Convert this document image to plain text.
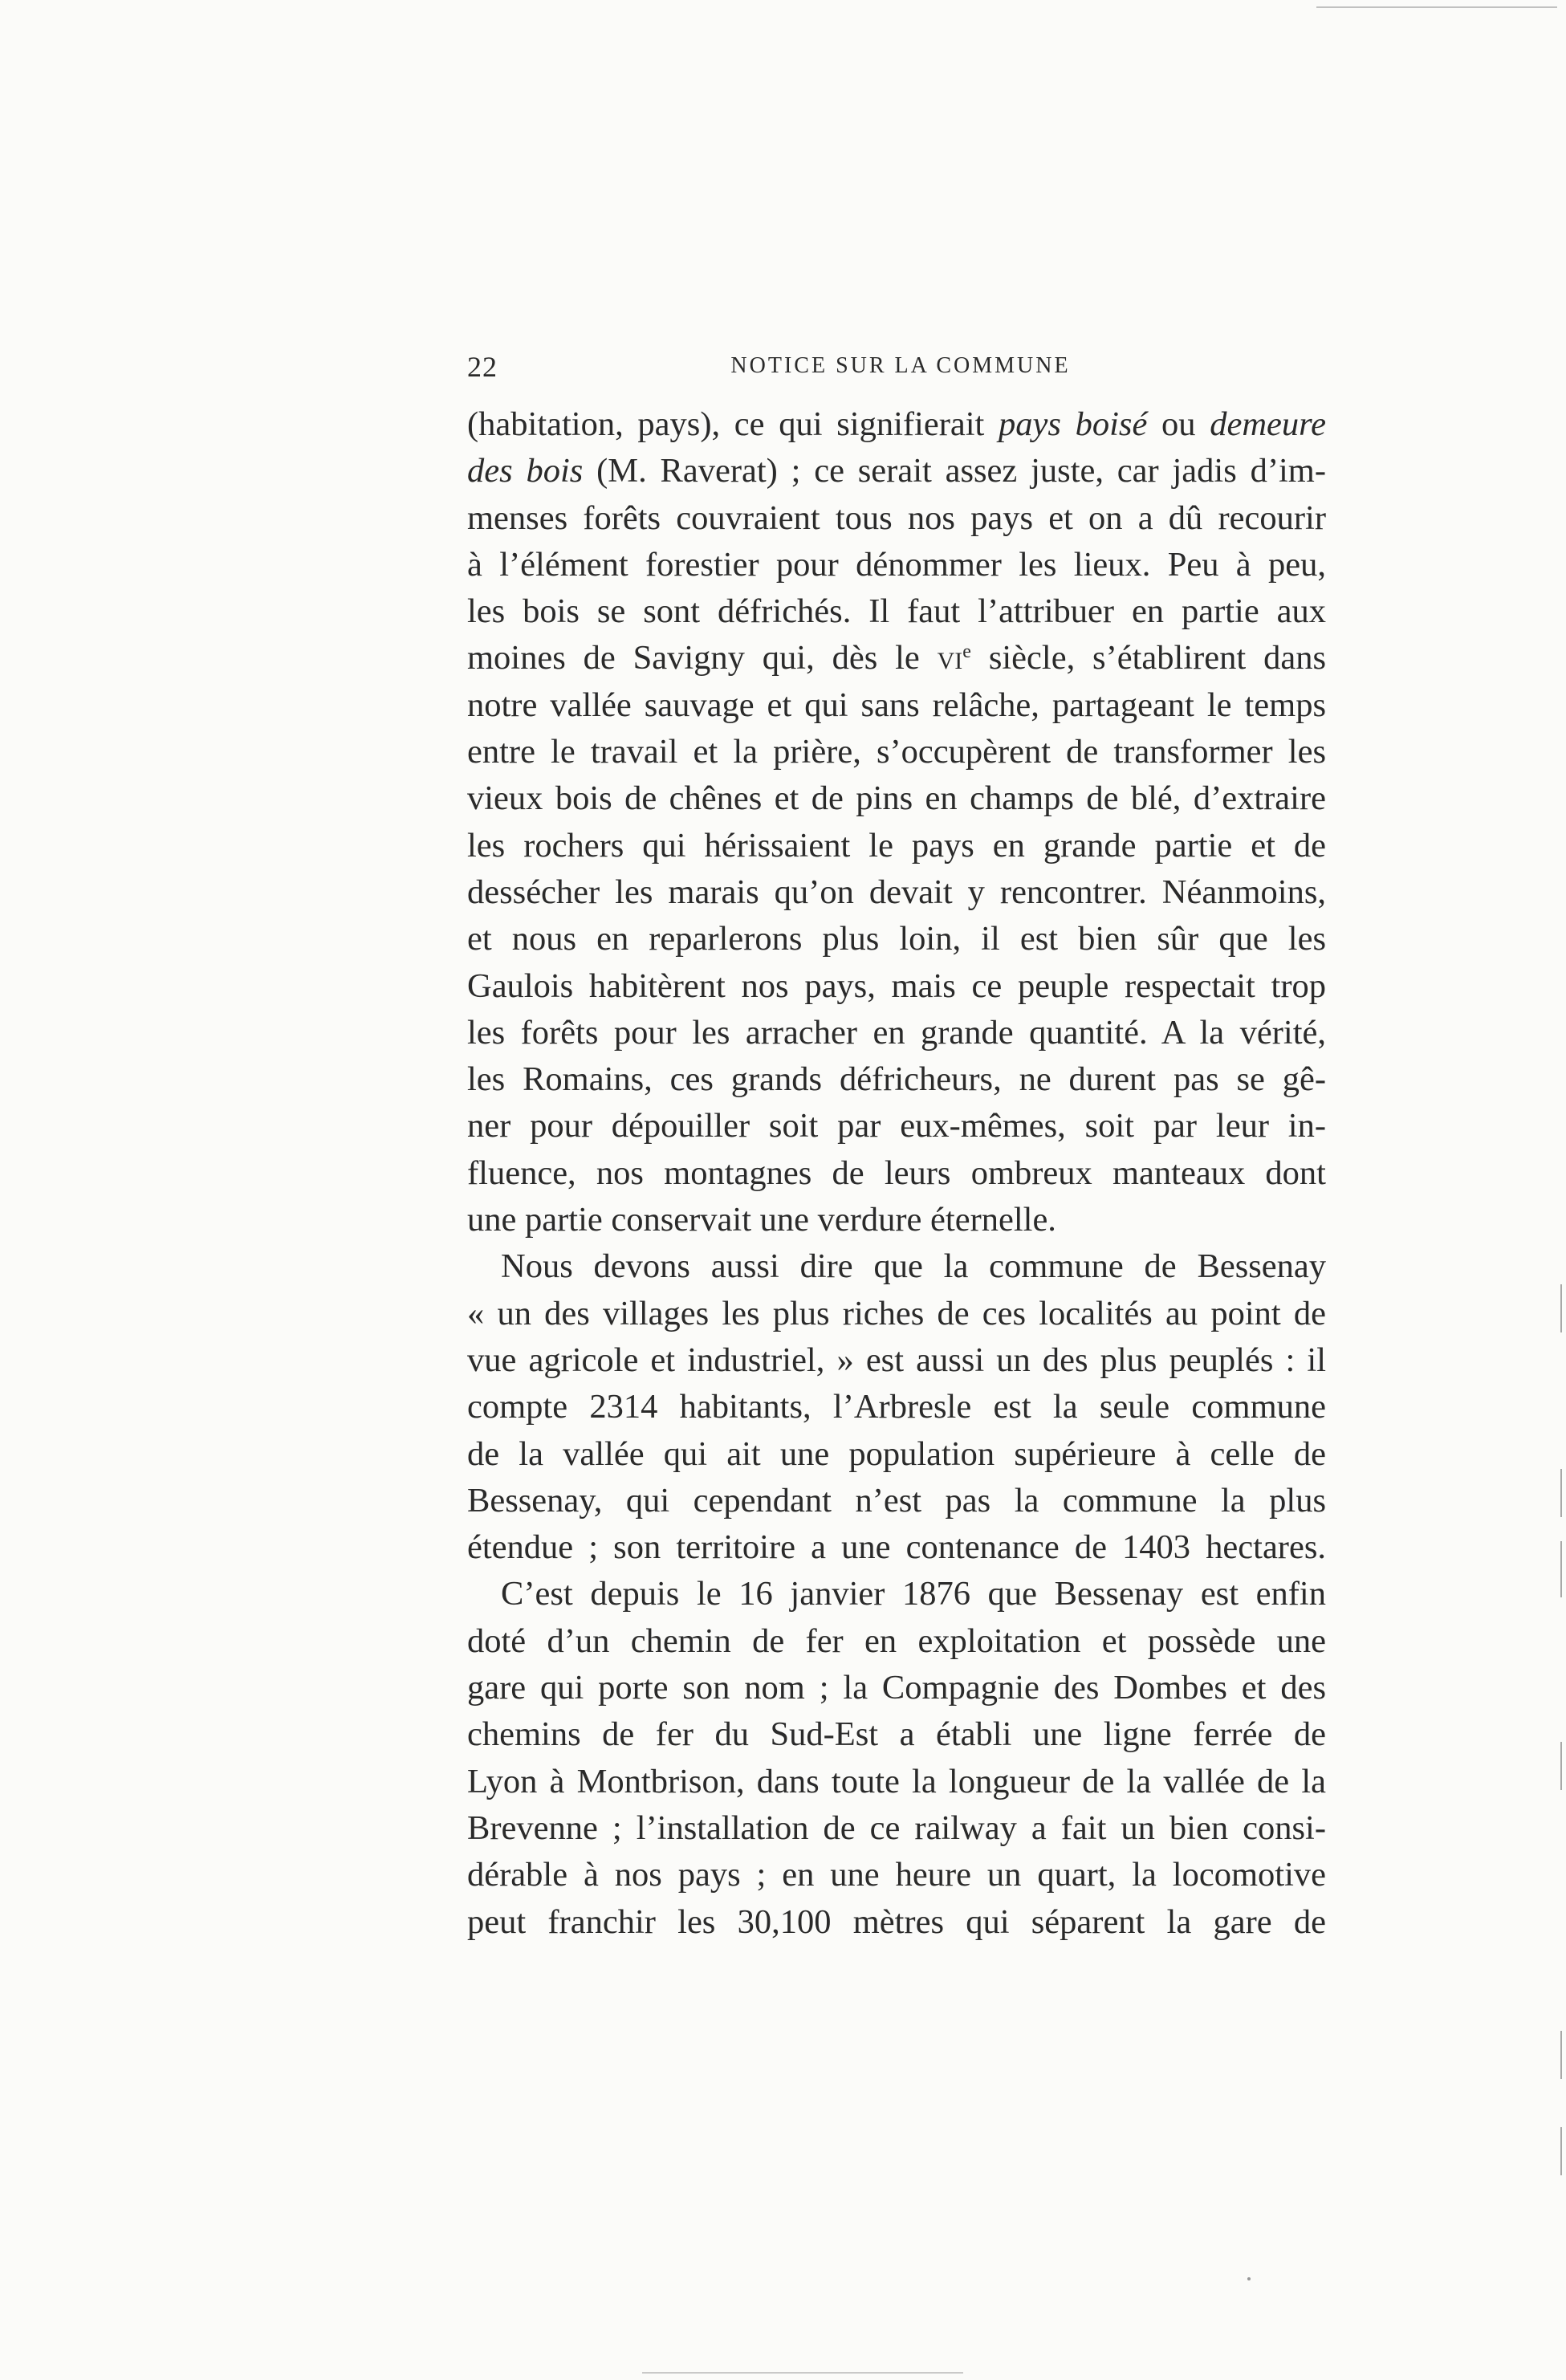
22	NOTICE SUR LA COMMUNE
(habitation, pays), ce qui signifierait pays boisé ou demeure
des bois (M. Raverat) ; ce serait assez juste, car jadis d’im-
menses forêts couvraient tous nos pays et on a dû recourir
à l’élément forestier pour dénommer les lieux. Peu à peu,
les bois se sont défrichés. Il faut l’attribuer en partie aux
moines de Savigny qui, dès le $vi^e$ siècle, s’établirent dans
notre vallée sauvage et qui sans relâche, partageant le temps
entre le travail et la prière, s’occupèrent de transformer les
vieux bois de chênes et de pins en champs de blé, d’extraire
les rochers qui hérissaient le pays en grande partie et de
dessécher les marais qu’on devait y rencontrer. Néanmoins,
et nous en reparlerons plus loin, il est bien sûr que les
Gaulois habitèrent nos pays, mais ce peuple respectait trop
les forêts pour les arracher en grande quantité. A la vérité,
les Romains, ces grands défricheurs, ne durent pas se gê-
ner pour dépouiller soit par eux-mêmes, soit par leur in-
fluence, nos montagnes de leurs ombreux manteaux dont
une partie conservait une verdure éternelle.
Nous devons aussi dire que la commune de Bessenay
« un des villages les plus riches de ces localités au point de
vue agricole et industriel, » est aussi un des plus peuplés : il
compte 2314 habitants, l’Arbresle est la seule commune
de la vallée qui ait une population supérieure à celle de
Bessenay, qui cependant n’est pas la commune la plus
étendue ; son territoire a une contenance de 1403 hectares.
C’est depuis le 16 janvier 1876 que Bessenay est enfin
doté d’un chemin de fer en exploitation et possède une
gare qui porte son nom ; la Compagnie des Dombes et des
chemins de fer du Sud-Est a établi une ligne ferrée de
Lyon à Montbrison, dans toute la longueur de la vallée de la
Brevenne ; l’installation de ce railway a fait un bien consi-
dérable à nos pays ; en une heure un quart, la locomotive
peut franchir les 30,100 mètres qui séparent la gare de
